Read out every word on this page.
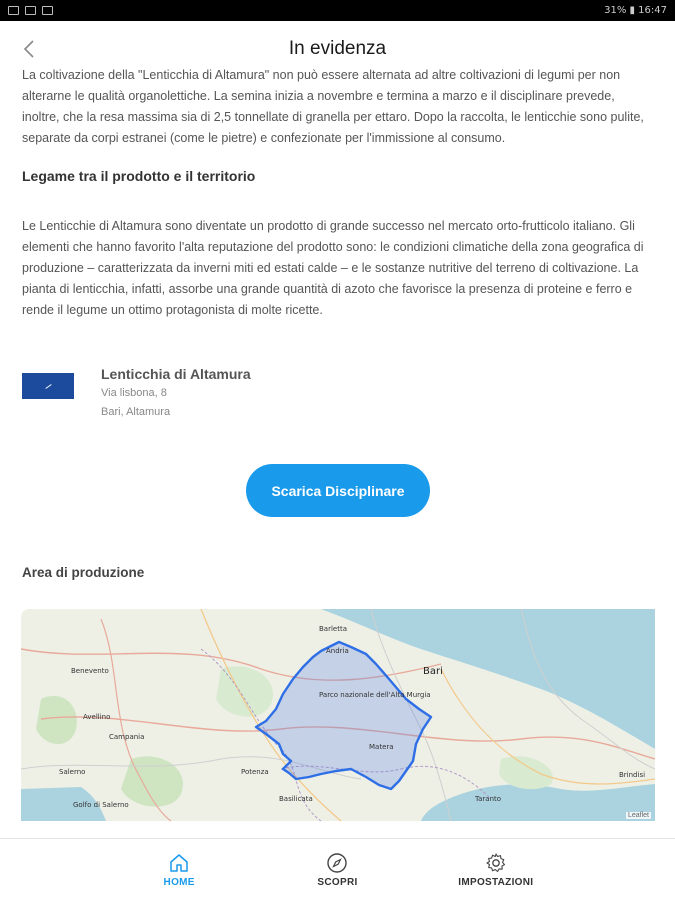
31% ▮ 16:47
In evidenza
La coltivazione della "Lenticchia di Altamura" non può essere alternata ad altre coltivazioni di legumi per non
alterarne le qualità organolettiche. La semina inizia a novembre e termina a marzo e il disciplinare prevede, inoltre, che la resa massima sia di 2,5 tonnellate di granella per ettaro. Dopo la raccolta, le lenticchie sono pulite, separate da corpi estranei (come le pietre) e confezionate per l'immissione al consumo.
Legame tra il prodotto e il territorio
Le Lenticchie di Altamura sono diventate un prodotto di grande successo nel mercato orto-frutticolo italiano. Gli elementi che hanno favorito l'alta reputazione del prodotto sono: le condizioni climatiche della zona geografica di produzione – caratterizzata da inverni miti ed estati calde – e le sostanze nutritive del terreno di coltivazione. La pianta di lenticchia, infatti, assorbe una grande quantità di azoto che favorisce la presenza di proteine e ferro e rende il legume un ottimo protagonista di molte ricette.
Lenticchia di Altamura
Via lisbona, 8
Bari, Altamura
Scarica Disciplinare
Area di produzione
Barletta
Andria
Bari
Benevento
Avellino
Campania
Salerno	Potenza
Matera
Basilicata	Taranto
Brindisi
Golfo di Salerno
Parco nazionale dell'Alta Murgia
Leaflet
HOME	SCOPRI	IMPOSTAZIONI
